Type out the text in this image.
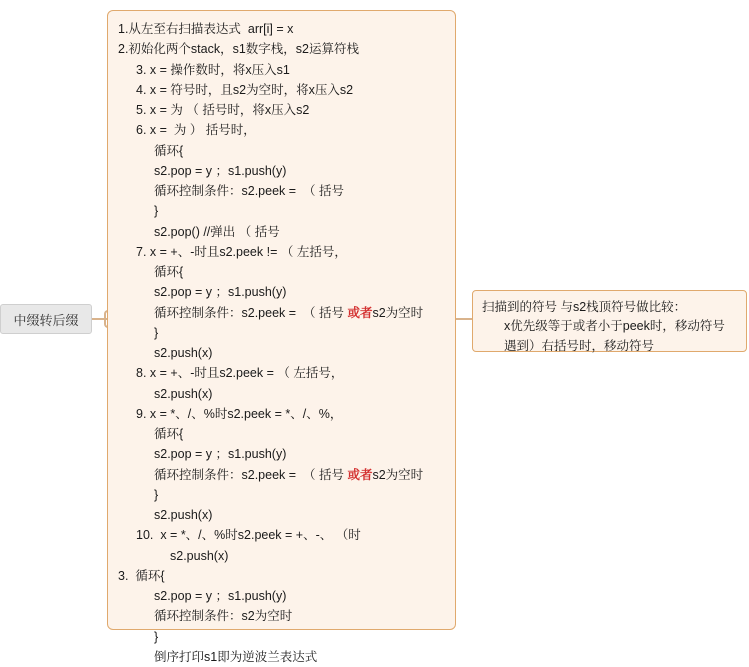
中缀转后缀
1.从左至右扫描表达式  arr[i] = x
2.初始化两个stack，s1数字栈，s2运算符栈
3. x = 操作数时，将x压入s1
4. x = 符号时，且s2为空时，将x压入s2
5. x = 为 （ 括号时，将x压入s2
6. x =  为 ） 括号时，
循环{
s2.pop = y ；s1.push(y)
循环控制条件：s2.peek =  （ 括号
}
s2.pop() //弹出 （ 括号
7. x = +、-时且s2.peek != （ 左括号，
循环{
s2.pop = y ；s1.push(y)
循环控制条件：s2.peek =  （ 括号 或者s2为空时
}
s2.push(x)
8. x = +、-时且s2.peek = （ 左括号，
s2.push(x)
9. x = *、/、%时s2.peek = *、/、%，
循环{
s2.pop = y ；s1.push(y)
循环控制条件：s2.peek =  （ 括号 或者s2为空时
}
s2.push(x)
10.  x = *、/、%时s2.peek = +、-、 （时
s2.push(x)
3.  循环{
s2.pop = y ；s1.push(y)
循环控制条件：s2为空时
}
倒序打印s1即为逆波兰表达式
扫描到的符号 与s2栈顶符号做比较：
x优先级等于或者小于peek时，移动符号
遇到）右括号时，移动符号
